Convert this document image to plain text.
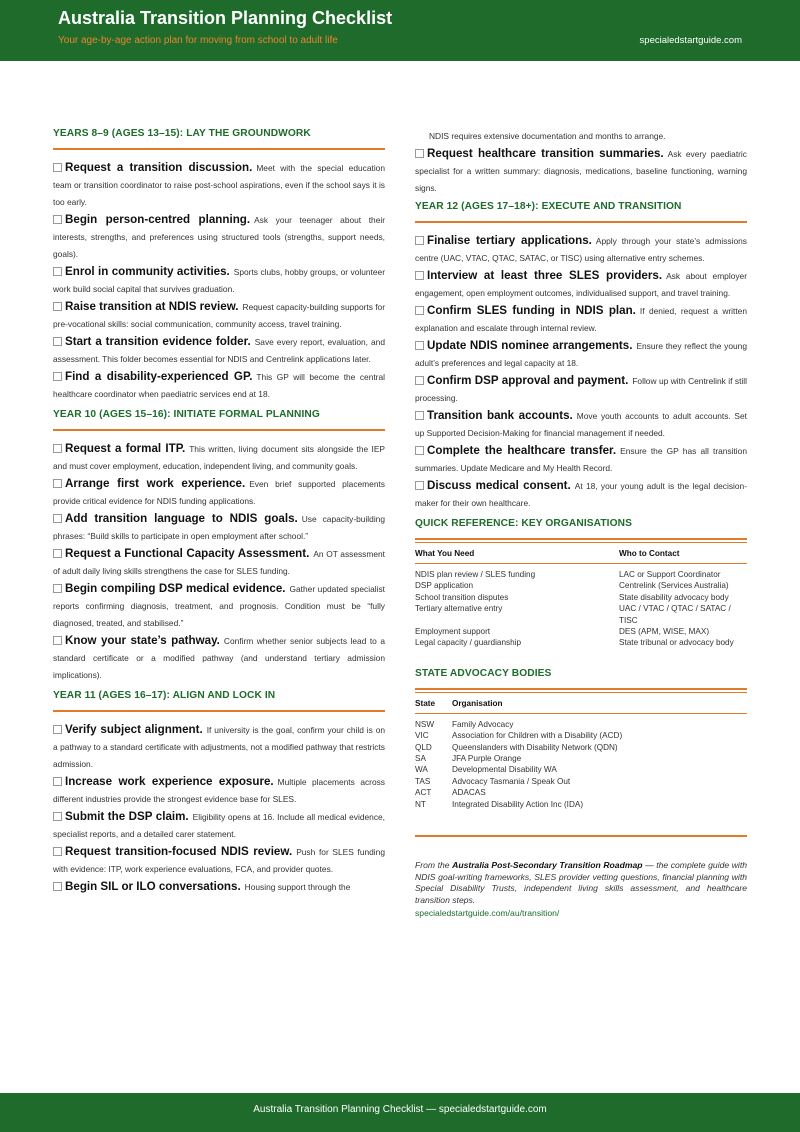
Australia Transition Planning Checklist
Your age-by-age action plan for moving from school to adult life	specialedstartguide.com
YEARS 8–9 (AGES 13–15): LAY THE GROUNDWORK
Request a transition discussion. Meet with the special education team or transition coordinator to raise post-school aspirations, even if the school says it is too early.
Begin person-centred planning. Ask your teenager about their interests, strengths, and preferences using structured tools (strengths, support needs, goals).
Enrol in community activities. Sports clubs, hobby groups, or volunteer work build social capital that survives graduation.
Raise transition at NDIS review. Request capacity-building supports for pre-vocational skills: social communication, community access, travel training.
Start a transition evidence folder. Save every report, evaluation, and assessment. This folder becomes essential for NDIS and Centrelink applications later.
Find a disability-experienced GP. This GP will become the central healthcare coordinator when paediatric services end at 18.
YEAR 10 (AGES 15–16): INITIATE FORMAL PLANNING
Request a formal ITP. This written, living document sits alongside the IEP and must cover employment, education, independent living, and community goals.
Arrange first work experience. Even brief supported placements provide critical evidence for NDIS funding applications.
Add transition language to NDIS goals. Use capacity-building phrases: “Build skills to participate in open employment after school.”
Request a Functional Capacity Assessment. An OT assessment of adult daily living skills strengthens the case for SLES funding.
Begin compiling DSP medical evidence. Gather updated specialist reports confirming diagnosis, treatment, and prognosis. Condition must be “fully diagnosed, treated, and stabilised.”
Know your state’s pathway. Confirm whether senior subjects lead to a standard certificate or a modified pathway (and understand tertiary admission implications).
YEAR 11 (AGES 16–17): ALIGN AND LOCK IN
Verify subject alignment. If university is the goal, confirm your child is on a pathway to a standard certificate with adjustments, not a modified pathway that restricts admission.
Increase work experience exposure. Multiple placements across different industries provide the strongest evidence base for SLES.
Submit the DSP claim. Eligibility opens at 16. Include all medical evidence, specialist reports, and a detailed carer statement.
Request transition-focused NDIS review. Push for SLES funding with evidence: ITP, work experience evaluations, FCA, and provider quotes.
Begin SIL or ILO conversations. Housing support through the
NDIS requires extensive documentation and months to arrange.
Request healthcare transition summaries. Ask every paediatric specialist for a written summary: diagnosis, medications, baseline functioning, warning signs.
YEAR 12 (AGES 17–18+): EXECUTE AND TRANSITION
Finalise tertiary applications. Apply through your state’s admissions centre (UAC, VTAC, QTAC, SATAC, or TISC) using alternative entry schemes.
Interview at least three SLES providers. Ask about employer engagement, open employment outcomes, individualised support, and travel training.
Confirm SLES funding in NDIS plan. If denied, request a written explanation and escalate through internal review.
Update NDIS nominee arrangements. Ensure they reflect the young adult’s preferences and legal capacity at 18.
Confirm DSP approval and payment. Follow up with Centrelink if still processing.
Transition bank accounts. Move youth accounts to adult accounts. Set up Supported Decision-Making for financial management if needed.
Complete the healthcare transfer. Ensure the GP has all transition summaries. Update Medicare and My Health Record.
Discuss medical consent. At 18, your young adult is the legal decision-maker for their own healthcare.
QUICK REFERENCE: KEY ORGANISATIONS
What You Need	Who to Contact
NDIS plan review / SLES funding	LAC or Support Coordinator
DSP application	Centrelink (Services Australia)
School transition disputes	State disability advocacy body
Tertiary alternative entry	UAC / VTAC / QTAC / SATAC / TISC
Employment support	DES (APM, WISE, MAX)
Legal capacity / guardianship	State tribunal or advocacy body
STATE ADVOCACY BODIES
State	Organisation
NSW	Family Advocacy
VIC	Association for Children with a Disability (ACD)
QLD	Queenslanders with Disability Network (QDN)
SA	JFA Purple Orange
WA	Developmental Disability WA
TAS	Advocacy Tasmania / Speak Out
ACT	ADACAS
NT	Integrated Disability Action Inc (IDA)
From the Australia Post-Secondary Transition Roadmap — the complete guide with NDIS goal-writing frameworks, SLES provider vetting questions, financial planning with Special Disability Trusts, independent living skills assessment, and healthcare transition steps.
specialedstartguide.com/au/transition/
Australia Transition Planning Checklist — specialedstartguide.com
